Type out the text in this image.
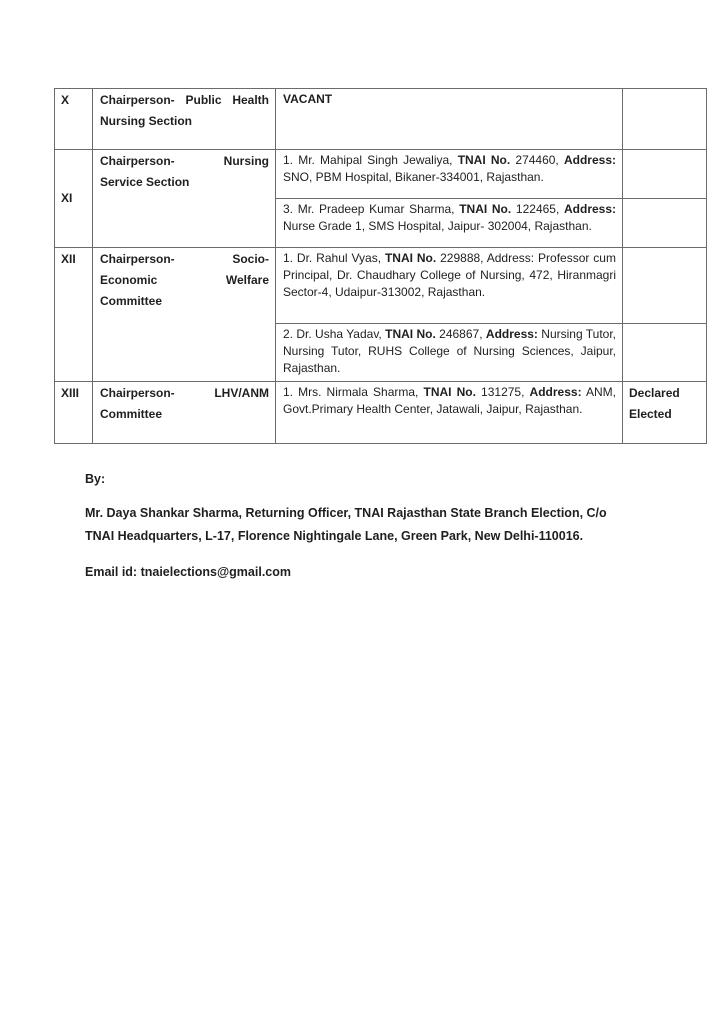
X	Chairperson- Public Health Nursing Section	VACANT	
XI	Chairperson- Nursing Service Section	1. Mr. Mahipal Singh Jewaliya, TNAI No. 274460, Address: SNO, PBM Hospital, Bikaner-334001, Rajasthan.	
		3. Mr. Pradeep Kumar Sharma, TNAI No. 122465, Address: Nurse Grade 1, SMS Hospital, Jaipur- 302004, Rajasthan.	
XII	Chairperson- Socio-Economic Welfare Committee	1. Dr. Rahul Vyas, TNAI No. 229888, Address: Professor cum Principal, Dr. Chaudhary College of Nursing, 472, Hiranmagri Sector-4, Udaipur-313002, Rajasthan.	
		2. Dr. Usha Yadav, TNAI No. 246867, Address: Nursing Tutor, Nursing Tutor, RUHS College of Nursing Sciences, Jaipur, Rajasthan.	
XIII	Chairperson- LHV/ANM Committee	1. Mrs. Nirmala Sharma, TNAI No. 131275, Address: ANM, Govt.Primary Health Center, Jatawali, Jaipur, Rajasthan.	Declared Elected

By:

Mr. Daya Shankar Sharma, Returning Officer, TNAI Rajasthan State Branch Election, C/o TNAI Headquarters, L-17, Florence Nightingale Lane, Green Park, New Delhi-110016.

Email id: tnaielections@gmail.com
